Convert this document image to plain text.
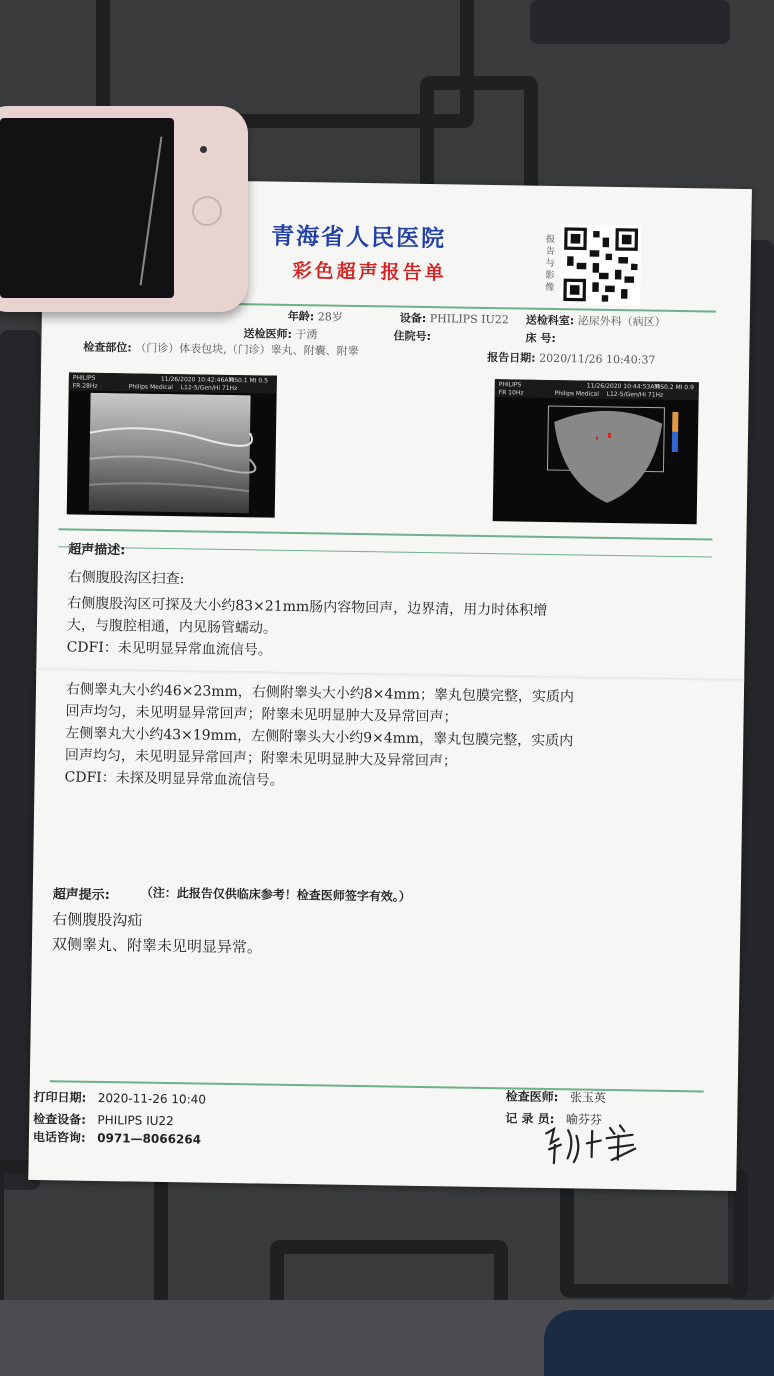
青海省人民医院
彩色超声报告单
报告与影像
年龄: 28岁	设备: PHILIPS IU22 送检科室: 泌尿外科（病区）
送检医师: 于湧	住院号:	床 号:
检查部位: （门诊）体表包块,（门诊）睾丸、附囊、附睾	报告日期: 2020/11/26 10:40:37
PHILIPS	11/26/2020 10:42:46AM
Philips Medical L12-5/Gen/Hi 71Hz
FR 28Hz
TIS0.1 MI 0.5
PHILIPS	11/26/2020 10:44:53AM
Philips Medical L12-5/Gen/Hi 71Hz
FR 10Hz
TIS0.2 MI 0.9
超声描述:
右侧腹股沟区扫查:
右侧腹股沟区可探及大小约83×21mm肠内容物回声，边界清，用力时体积增
大，与腹腔相通，内见肠管蠕动。
CDFI：未见明显异常血流信号。
右侧睾丸大小约46×23mm，右侧附睾头大小约8×4mm；睾丸包膜完整，实质内
回声均匀，未见明显异常回声；附睾未见明显肿大及异常回声；
左侧睾丸大小约43×19mm，左侧附睾头大小约9×4mm，睾丸包膜完整，实质内
回声均匀，未见明显异常回声；附睾未见明显肿大及异常回声；
CDFI：未探及明显异常血流信号。
超声提示:	（注：此报告仅供临床参考！检查医师签字有效。）
右侧腹股沟疝
双侧睾丸、附睾未见明显异常。
打印日期: 2020-11-26 10:40
检查设备: PHILIPS IU22
电话咨询: 0971—8066264
检查医师: 张玉英
记 录 员: 喻芬芬
